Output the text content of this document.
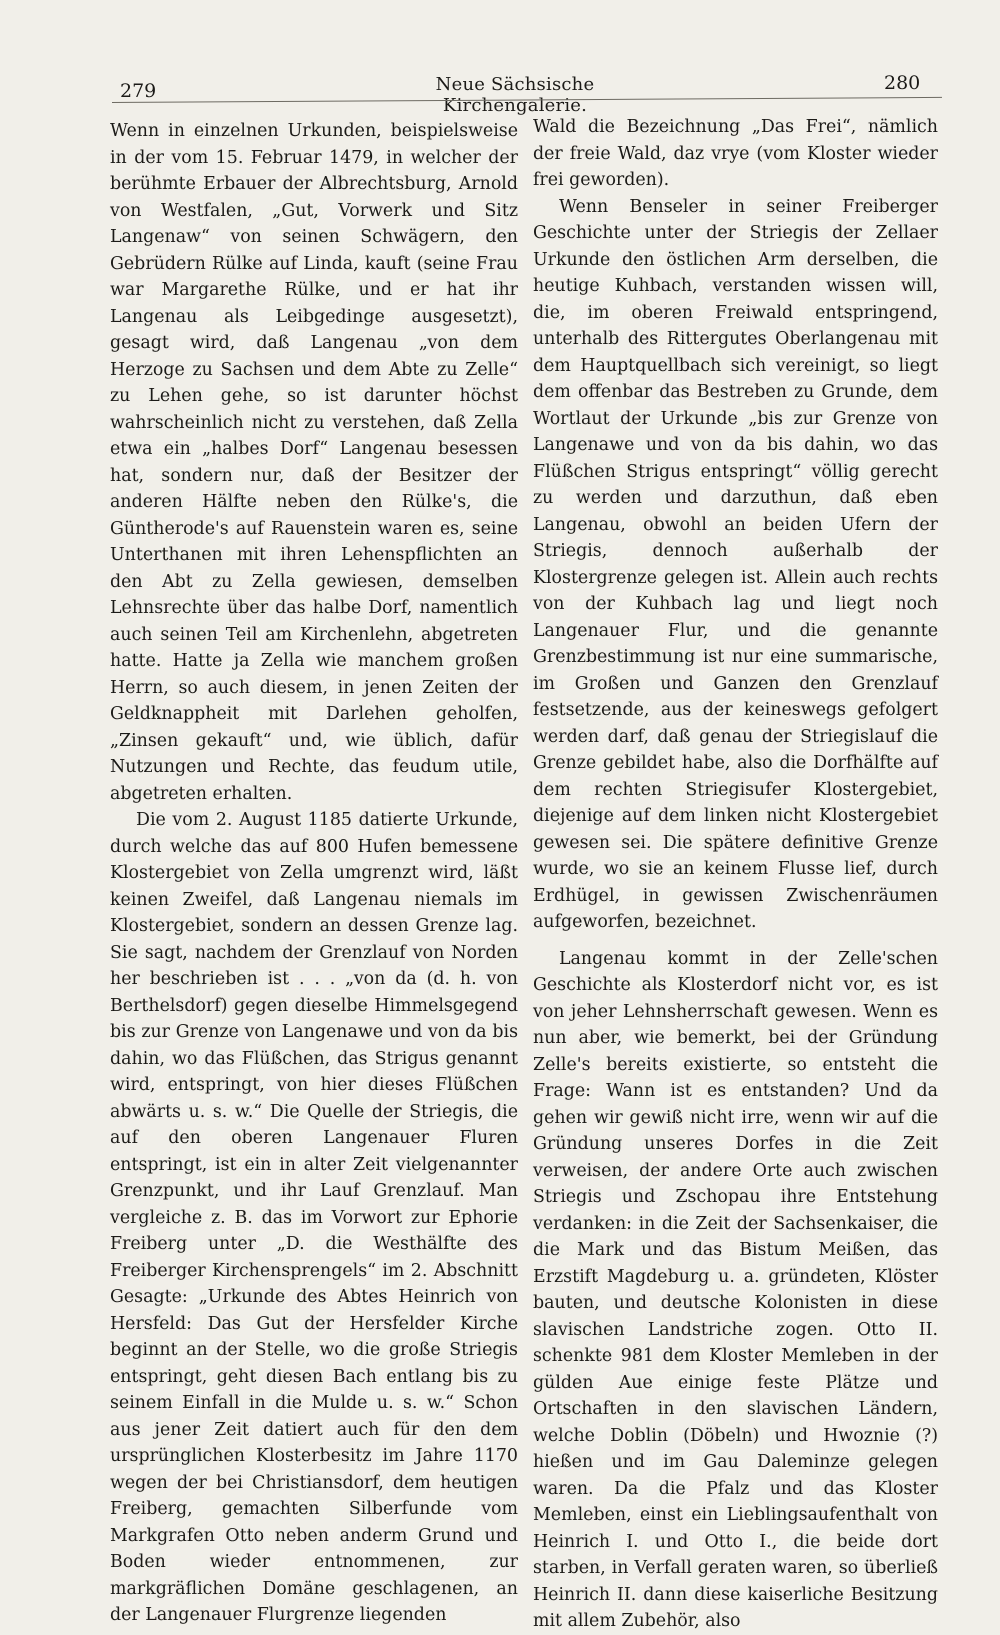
279	Neue Sächsische Kirchengalerie.
280

Wenn in einzelnen Urkunden, beispielsweise in der vom 15. Februar 1479, in welcher der berühmte Erbauer der Albrechtsburg, Arnold von Westfalen, „Gut, Vorwerk und Sitz Langenaw“ von seinen Schwägern, den Gebrüdern Rülke auf Linda, kauft (seine Frau war Margarethe Rülke, und er hat ihr Langenau als Leibgedinge ausgesetzt), gesagt wird, daß Langenau „von dem Herzoge zu Sachsen und dem Abte zu Zelle“ zu Lehen gehe, so ist darunter höchst wahrscheinlich nicht zu verstehen, daß Zella etwa ein „halbes Dorf“ Langenau besessen hat, sondern nur, daß der Besitzer der anderen Hälfte neben den Rülke's, die Güntherode's auf Rauenstein waren es, seine Unterthanen mit ihren Lehenspflichten an den Abt zu Zella gewiesen, demselben Lehnsrechte über das halbe Dorf, namentlich auch seinen Teil am Kirchenlehn, abgetreten hatte. Hatte ja Zella wie manchem großen Herrn, so auch diesem, in jenen Zeiten der Geldknappheit mit Darlehen geholfen, „Zinsen gekauft“ und, wie üblich, dafür Nutzungen und Rechte, das feudum utile, abgetreten erhalten.

Die vom 2. August 1185 datierte Urkunde, durch welche das auf 800 Hufen bemessene Klostergebiet von Zella umgrenzt wird, läßt keinen Zweifel, daß Langenau niemals im Klostergebiet, sondern an dessen Grenze lag. Sie sagt, nachdem der Grenzlauf von Norden her beschrieben ist . . . „von da (d. h. von Berthelsdorf) gegen dieselbe Himmelsgegend bis zur Grenze von Langenawe und von da bis dahin, wo das Flüßchen, das Strigus genannt wird, entspringt, von hier dieses Flüßchen abwärts u. s. w.“ Die Quelle der Striegis, die auf den oberen Langenauer Fluren entspringt, ist ein in alter Zeit vielgenannter Grenzpunkt, und ihr Lauf Grenzlauf. Man vergleiche z. B. das im Vorwort zur Ephorie Freiberg unter „D. die Westhälfte des Freiberger Kirchensprengels“ im 2. Abschnitt Gesagte: „Urkunde des Abtes Heinrich von Hersfeld: Das Gut der Hersfelder Kirche beginnt an der Stelle, wo die große Striegis entspringt, geht diesen Bach entlang bis zu seinem Einfall in die Mulde u. s. w.“ Schon aus jener Zeit datiert auch für den dem ursprünglichen Klosterbesitz im Jahre 1170 wegen der bei Christiansdorf, dem heutigen Freiberg, gemachten Silberfunde vom Markgrafen Otto neben anderm Grund und Boden wieder entnommenen, zur markgräflichen Domäne geschlagenen, an der Langenauer Flurgrenze liegenden

Wald die Bezeichnung „Das Frei“, nämlich der freie Wald, daz vrye (vom Kloster wieder frei geworden).

Wenn Benseler in seiner Freiberger Geschichte unter der Striegis der Zellaer Urkunde den östlichen Arm derselben, die heutige Kuhbach, verstanden wissen will, die, im oberen Freiwald entspringend, unterhalb des Rittergutes Oberlangenau mit dem Hauptquellbach sich vereinigt, so liegt dem offenbar das Bestreben zu Grunde, dem Wortlaut der Urkunde „bis zur Grenze von Langenawe und von da bis dahin, wo das Flüßchen Strigus entspringt“ völlig gerecht zu werden und darzuthun, daß eben Langenau, obwohl an beiden Ufern der Striegis, dennoch außerhalb der Klostergrenze gelegen ist. Allein auch rechts von der Kuhbach lag und liegt noch Langenauer Flur, und die genannte Grenzbestimmung ist nur eine summarische, im Großen und Ganzen den Grenzlauf festsetzende, aus der keineswegs gefolgert werden darf, daß genau der Striegislauf die Grenze gebildet habe, also die Dorfhälfte auf dem rechten Striegisufer Klostergebiet, diejenige auf dem linken nicht Klostergebiet gewesen sei. Die spätere definitive Grenze wurde, wo sie an keinem Flusse lief, durch Erdhügel, in gewissen Zwischenräumen aufgeworfen, bezeichnet.

Langenau kommt in der Zelle'schen Geschichte als Klosterdorf nicht vor, es ist von jeher Lehnsherrschaft gewesen. Wenn es nun aber, wie bemerkt, bei der Gründung Zelle's bereits existierte, so entsteht die Frage: Wann ist es entstanden? Und da gehen wir gewiß nicht irre, wenn wir auf die Gründung unseres Dorfes in die Zeit verweisen, der andere Orte auch zwischen Striegis und Zschopau ihre Entstehung verdanken: in die Zeit der Sachsenkaiser, die die Mark und das Bistum Meißen, das Erzstift Magdeburg u. a. gründeten, Klöster bauten, und deutsche Kolonisten in diese slavischen Landstriche zogen. Otto II. schenkte 981 dem Kloster Memleben in der gülden Aue einige feste Plätze und Ortschaften in den slavischen Ländern, welche Doblin (Döbeln) und Hwoznie (?) hießen und im Gau Daleminze gelegen waren. Da die Pfalz und das Kloster Memleben, einst ein Lieblingsaufenthalt von Heinrich I. und Otto I., die beide dort starben, in Verfall geraten waren, so überließ Heinrich II. dann diese kaiserliche Besitzung mit allem Zubehör, also
